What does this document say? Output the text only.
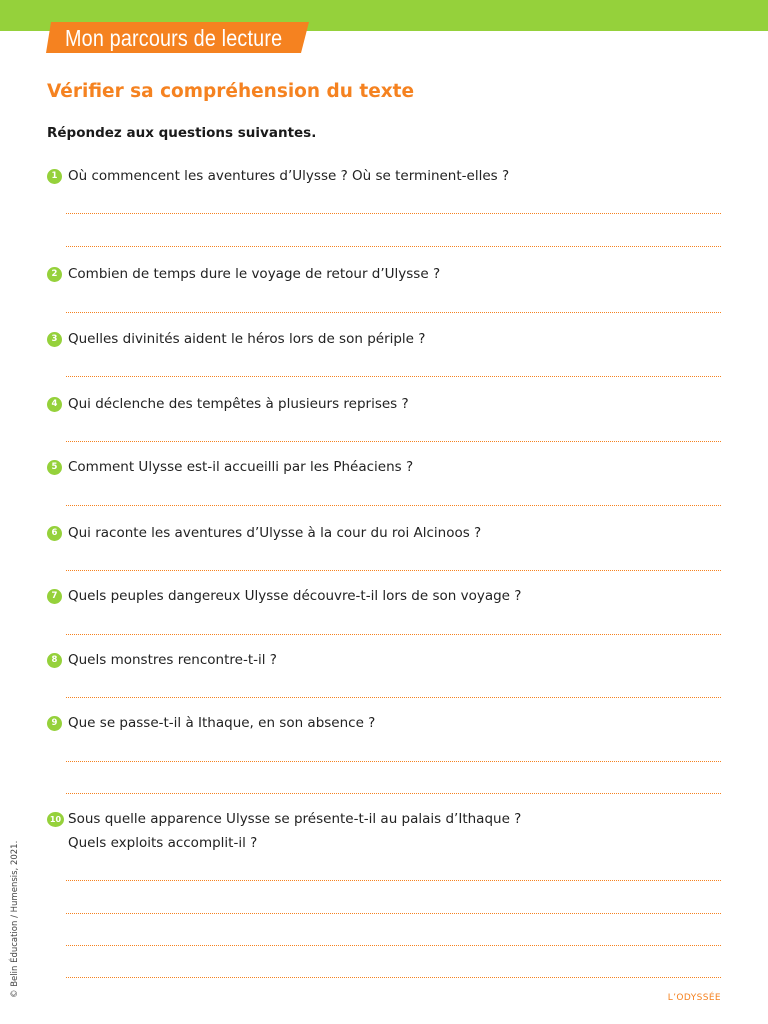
Mon parcours de lecture
Vérifier sa compréhension du texte
Répondez aux questions suivantes.
1 Où commencent les aventures d’Ulysse ? Où se terminent-elles ?
2 Combien de temps dure le voyage de retour d’Ulysse ?
3 Quelles divinités aident le héros lors de son périple ?
4 Qui déclenche des tempêtes à plusieurs reprises ?
5 Comment Ulysse est-il accueilli par les Phéaciens ?
6 Qui raconte les aventures d’Ulysse à la cour du roi Alcinoos ?
7 Quels peuples dangereux Ulysse découvre-t-il lors de son voyage ?
8 Quels monstres rencontre-t-il ?
9 Que se passe-t-il à Ithaque, en son absence ?
10 Sous quelle apparence Ulysse se présente-t-il au palais d’Ithaque ?
Quels exploits accomplit-il ?
© Belin Éducation / Humensis, 2021.	L’ODYSSÉE
